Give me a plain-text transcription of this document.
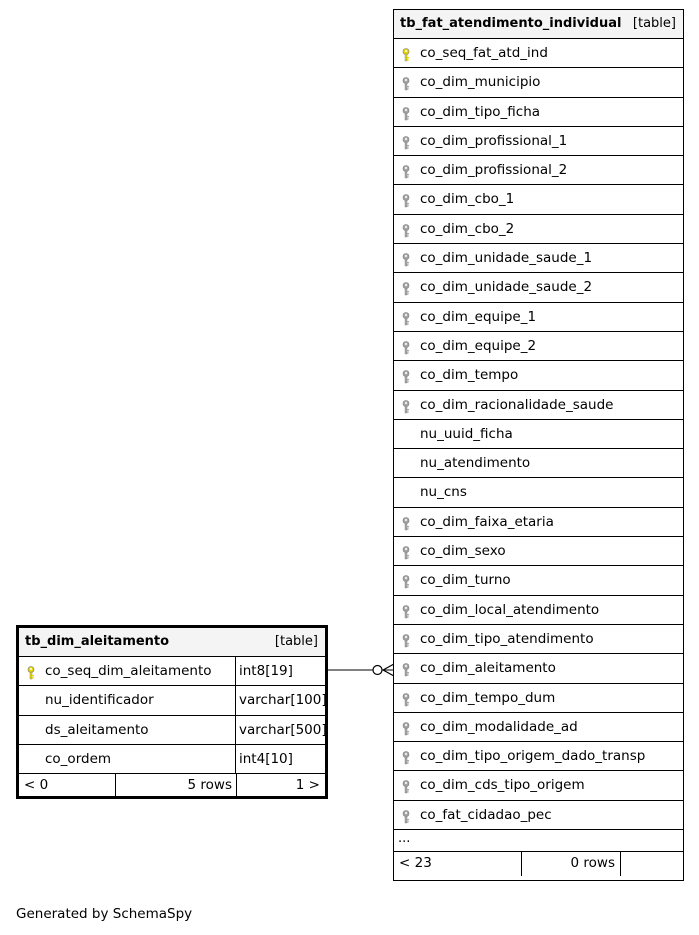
tb_dim_aleitamento	[table]
co_seq_dim_aleitamento int8[19]
nu_identificador	varchar[100]
ds_aleitamento	varchar[500]
co_ordem	int4[10]
< 0	5 rows	1 >
tb_fat_atendimento_individual [table]
co_seq_fat_atd_ind
co_dim_municipio
co_dim_tipo_ficha
co_dim_profissional_1
co_dim_profissional_2
co_dim_cbo_1
co_dim_cbo_2
co_dim_unidade_saude_1
co_dim_unidade_saude_2
co_dim_equipe_1
co_dim_equipe_2
co_dim_tempo
co_dim_racionalidade_saude
nu_uuid_ficha
nu_atendimento
nu_cns
co_dim_faixa_etaria
co_dim_sexo
co_dim_turno
co_dim_local_atendimento
co_dim_tipo_atendimento
co_dim_aleitamento
co_dim_tempo_dum
co_dim_modalidade_ad
co_dim_tipo_origem_dado_transp
co_dim_cds_tipo_origem
co_fat_cidadao_pec
...
< 23	0 rows
Generated by SchemaSpy
